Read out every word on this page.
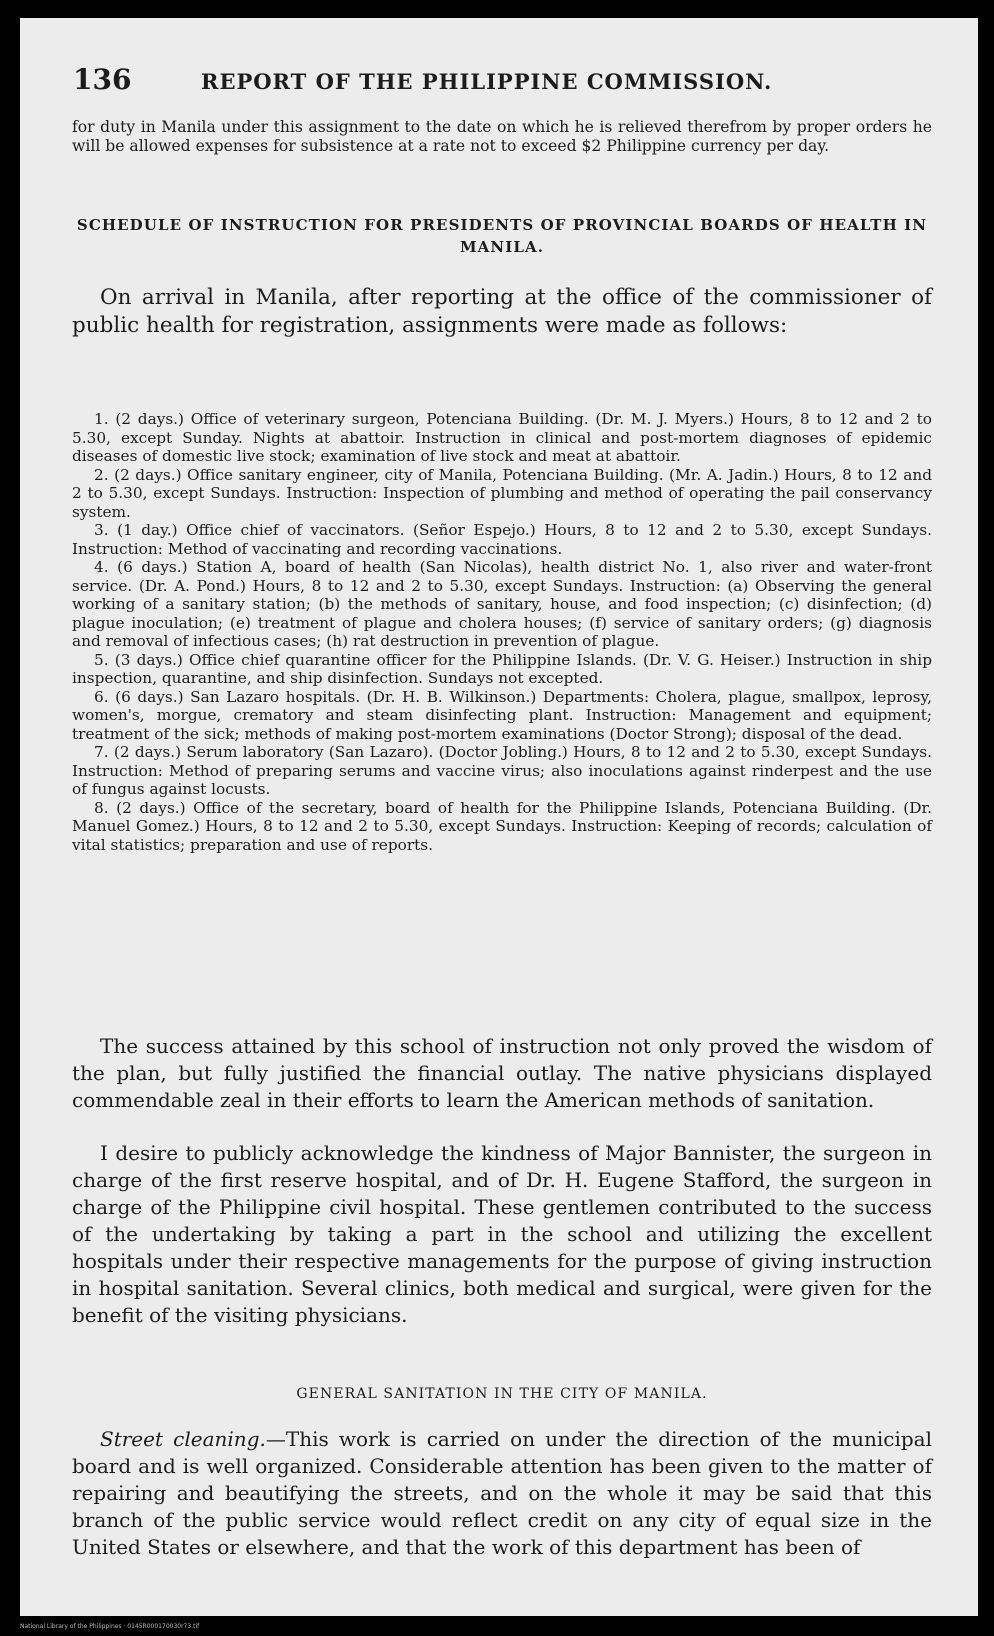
136	REPORT OF THE PHILIPPINE COMMISSION.

for duty in Manila under this assignment to the date on which he is relieved therefrom by proper orders he will be allowed expenses for subsistence at a rate not to exceed $2 Philippine currency per day.

SCHEDULE OF INSTRUCTION FOR PRESIDENTS OF PROVINCIAL BOARDS OF HEALTH IN MANILA.

On arrival in Manila, after reporting at the office of the commissioner of public health for registration, assignments were made as follows:

1. (2 days.) Office of veterinary surgeon, Potenciana Building. (Dr. M. J. Myers.) Hours, 8 to 12 and 2 to 5.30, except Sunday. Nights at abattoir. Instruction in clinical and post-mortem diagnoses of epidemic diseases of domestic live stock; examination of live stock and meat at abattoir.
2. (2 days.) Office sanitary engineer, city of Manila, Potenciana Building. (Mr. A. Jadin.) Hours, 8 to 12 and 2 to 5.30, except Sundays. Instruction: Inspection of plumbing and method of operating the pail conservancy system.
3. (1 day.) Office chief of vaccinators. (Señor Espejo.) Hours, 8 to 12 and 2 to 5.30, except Sundays. Instruction: Method of vaccinating and recording vaccinations.
4. (6 days.) Station A, board of health (San Nicolas), health district No. 1, also river and water-front service. (Dr. A. Pond.) Hours, 8 to 12 and 2 to 5.30, except Sundays. Instruction: (a) Observing the general working of a sanitary station; (b) the methods of sanitary, house, and food inspection; (c) disinfection; (d) plague inoculation; (e) treatment of plague and cholera houses; (f) service of sanitary orders; (g) diagnosis and removal of infectious cases; (h) rat destruction in prevention of plague.
5. (3 days.) Office chief quarantine officer for the Philippine Islands. (Dr. V. G. Heiser.) Instruction in ship inspection, quarantine, and ship disinfection. Sundays not excepted.
6. (6 days.) San Lazaro hospitals. (Dr. H. B. Wilkinson.) Departments: Cholera, plague, smallpox, leprosy, women's, morgue, crematory and steam disinfecting plant. Instruction: Management and equipment; treatment of the sick; methods of making post-mortem examinations (Doctor Strong); disposal of the dead.
7. (2 days.) Serum laboratory (San Lazaro). (Doctor Jobling.) Hours, 8 to 12 and 2 to 5.30, except Sundays. Instruction: Method of preparing serums and vaccine virus; also inoculations against rinderpest and the use of fungus against locusts.
8. (2 days.) Office of the secretary, board of health for the Philippine Islands, Potenciana Building. (Dr. Manuel Gomez.) Hours, 8 to 12 and 2 to 5.30, except Sundays. Instruction: Keeping of records; calculation of vital statistics; preparation and use of reports.

The success attained by this school of instruction not only proved the wisdom of the plan, but fully justified the financial outlay. The native physicians displayed commendable zeal in their efforts to learn the American methods of sanitation.

I desire to publicly acknowledge the kindness of Major Bannister, the surgeon in charge of the first reserve hospital, and of Dr. H. Eugene Stafford, the surgeon in charge of the Philippine civil hospital. These gentlemen contributed to the success of the undertaking by taking a part in the school and utilizing the excellent hospitals under their respective managements for the purpose of giving instruction in hospital sanitation. Several clinics, both medical and surgical, were given for the benefit of the visiting physicians.

GENERAL SANITATION IN THE CITY OF MANILA.

Street cleaning.—This work is carried on under the direction of the municipal board and is well organized. Considerable attention has been given to the matter of repairing and beautifying the streets, and on the whole it may be said that this branch of the public service would reflect credit on any city of equal size in the United States or elsewhere, and that the work of this department has been of

National Library of the Philippines · 0145R000170030r73.tif
